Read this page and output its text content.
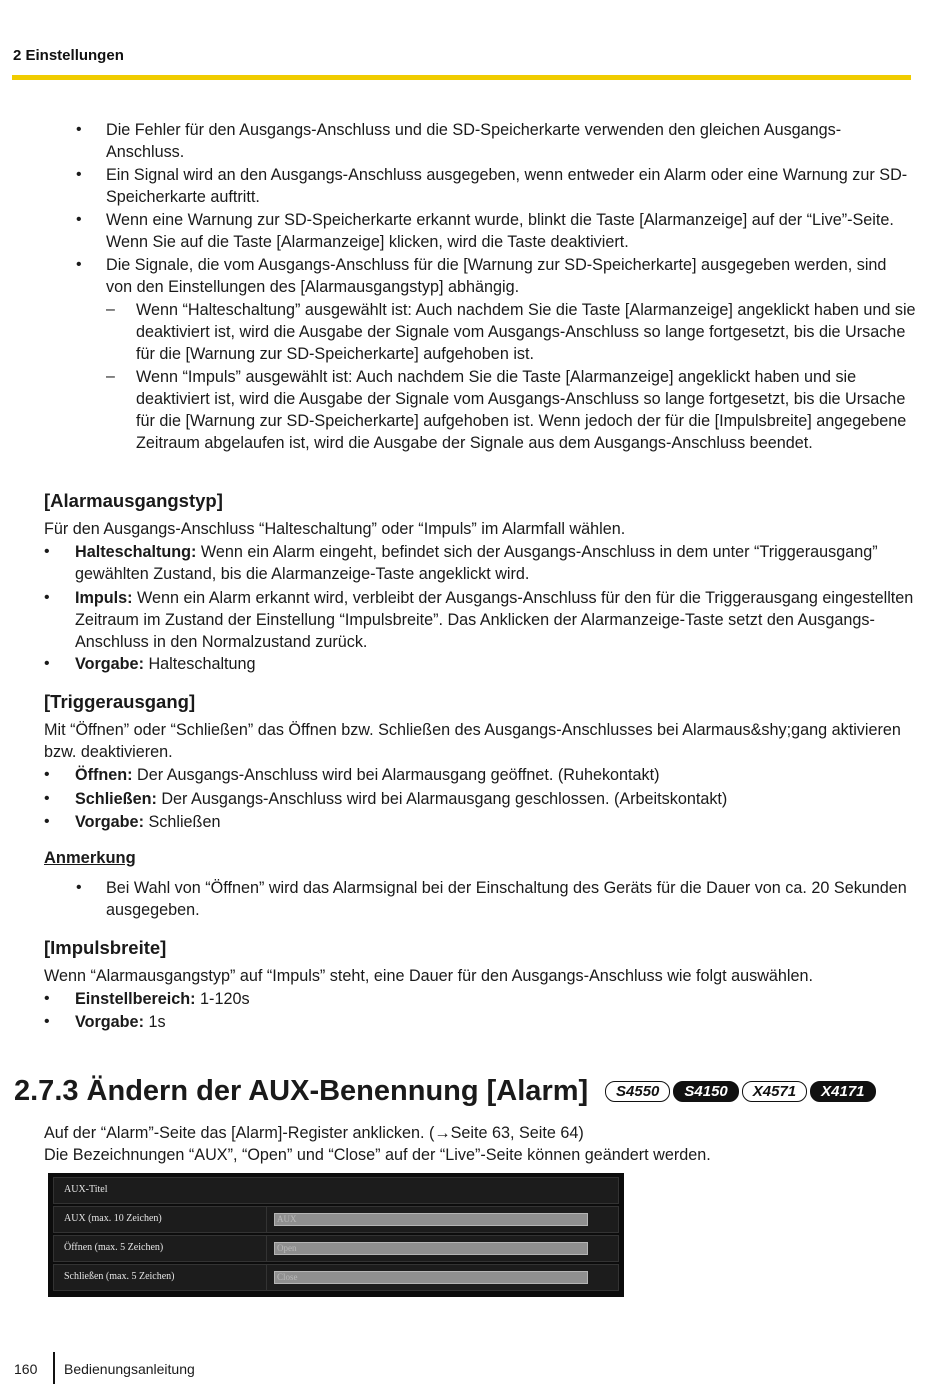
2 Einstellungen
• Die Fehler für den Ausgangs-Anschluss und die SD-Speicherkarte verwenden den gleichen Ausgangs-Anschluss.
• Ein Signal wird an den Ausgangs-Anschluss ausgegeben, wenn entweder ein Alarm oder eine Warnung zur SD-Speicherkarte auftritt.
• Wenn eine Warnung zur SD-Speicherkarte erkannt wurde, blinkt die Taste [Alarmanzeige] auf der “Live”-Seite. Wenn Sie auf die Taste [Alarmanzeige] klicken, wird die Taste deaktiviert.
• Die Signale, die vom Ausgangs-Anschluss für die [Warnung zur SD-Speicherkarte] ausgegeben werden, sind von den Einstellungen des [Alarmausgangstyp] abhängig.
– Wenn “Halteschaltung” ausgewählt ist: Auch nachdem Sie die Taste [Alarmanzeige] angeklickt haben und sie deaktiviert ist, wird die Ausgabe der Signale vom Ausgangs-Anschluss so lange fortgesetzt, bis die Ursache für die [Warnung zur SD-Speicherkarte] aufgehoben ist.
– Wenn “Impuls” ausgewählt ist: Auch nachdem Sie die Taste [Alarmanzeige] angeklickt haben und sie deaktiviert ist, wird die Ausgabe der Signale vom Ausgangs-Anschluss so lange fortgesetzt, bis die Ursache für die [Warnung zur SD-Speicherkarte] aufgehoben ist. Wenn jedoch der für die [Impulsbreite] angegebene Zeitraum abgelaufen ist, wird die Ausgabe der Signale aus dem Ausgangs-Anschluss beendet.
[Alarmausgangstyp]
Für den Ausgangs-Anschluss “Halteschaltung” oder “Impuls” im Alarmfall wählen.
• Halteschaltung: Wenn ein Alarm eingeht, befindet sich der Ausgangs-Anschluss in dem unter “Triggerausgang” gewählten Zustand, bis die Alarmanzeige-Taste angeklickt wird.
• Impuls: Wenn ein Alarm erkannt wird, verbleibt der Ausgangs-Anschluss für den für die Triggerausgang eingestellten Zeitraum im Zustand der Einstellung “Impulsbreite”. Das Anklicken der Alarmanzeige-Taste setzt den Ausgangs-Anschluss in den Normalzustand zurück.
• Vorgabe: Halteschaltung
[Triggerausgang]
Mit “Öffnen” oder “Schließen” das Öffnen bzw. Schließen des Ausgangs-Anschlusses bei Alarmaus&shy;gang aktivieren bzw. deaktivieren.
• Öffnen: Der Ausgangs-Anschluss wird bei Alarmausgang geöffnet. (Ruhekontakt)
• Schließen: Der Ausgangs-Anschluss wird bei Alarmausgang geschlossen. (Arbeitskontakt)
• Vorgabe: Schließen
Anmerkung
• Bei Wahl von “Öffnen” wird das Alarmsignal bei der Einschaltung des Geräts für die Dauer von ca. 20 Sekunden ausgegeben.
[Impulsbreite]
Wenn “Alarmausgangstyp” auf “Impuls” steht, eine Dauer für den Ausgangs-Anschluss wie folgt auswählen.
• Einstellbereich: 1-120s
• Vorgabe: 1s
2.7.3 Ändern der AUX-Benennung [Alarm]	S4550	S4150	X4571	X4171
Auf der “Alarm”-Seite das [Alarm]-Register anklicken. (→Seite 63, Seite 64)
Die Bezeichnungen “AUX”, “Open” und “Close” auf der “Live”-Seite können geändert werden.
AUX-Titel
AUX (max. 10 Zeichen)	AUX
Öffnen (max. 5 Zeichen)	Open
Schließen (max. 5 Zeichen)	Close
160 Bedienungsanleitung
